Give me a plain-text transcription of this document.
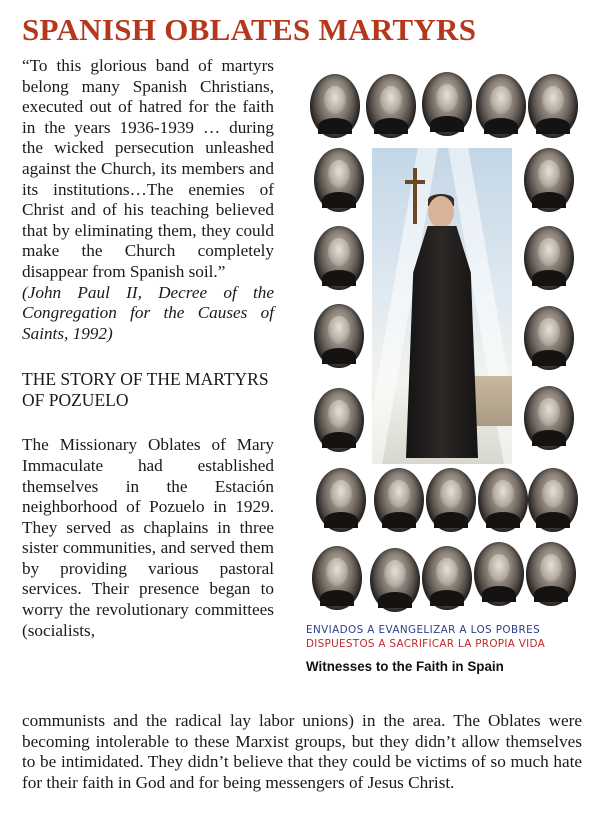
SPANISH OBLATES MARTYRS

“To this glorious band of martyrs belong many Spanish Christians, executed out of hatred for the faith in the years 1936-1939 … during the wicked persecution unleashed against the Church, its members and its institutions…The enemies of Christ and of his teaching believed that by eliminating them, they could make the Church completely disappear from Spanish soil.”

(John Paul II, Decree of the Congregation for the Causes of Saints, 1992)

THE STORY OF THE MARTYRS OF POZUELO

The Missionary Oblates of Mary Immaculate had established themselves in the Estación neighborhood of Pozuelo in 1929. They served as chaplains in three sister communities, and served them by providing various pastoral services. Their presence began to worry the revolutionary committees (socialists,

communists and the radical lay labor unions) in the area. The Oblates were becoming intolerable to these Marxist groups, but they didn’t allow themselves to be intimidated. They didn’t believe that they could be victims of so much hate for their faith in God and for being messengers of Jesus Christ.

ENVIADOS A EVANGELIZAR A LOS POBRES

DISPUESTOS A SACRIFICAR LA PROPIA VIDA

Witnesses to the Faith in Spain
